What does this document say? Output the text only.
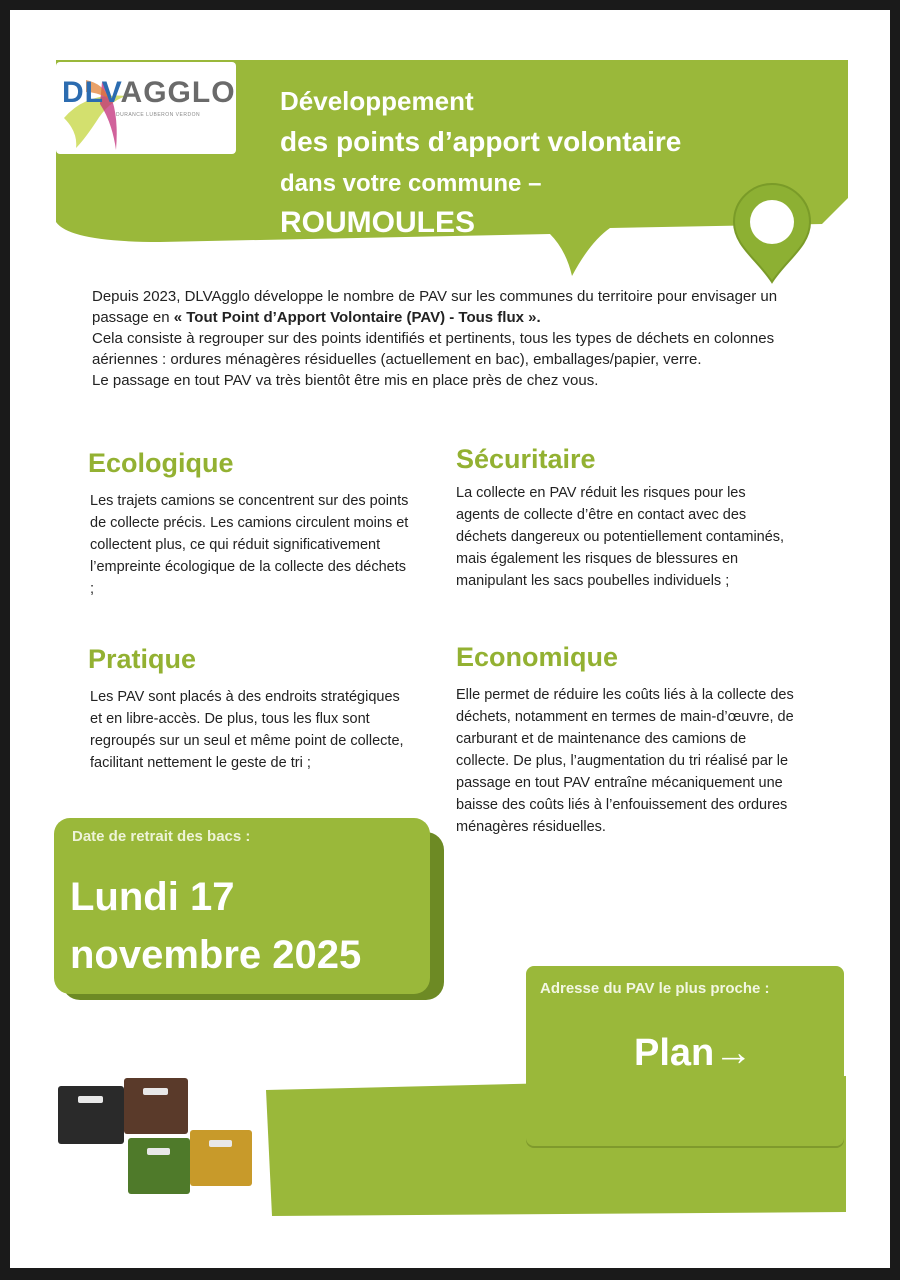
DLVAGGLO
DURANCE LUBERON VERDON	Développement
des points d’apport volontaire
dans votre commune –
ROUMOULES

Depuis 2023, DLVAgglo développe le nombre de PAV sur les communes du territoire pour envisager un passage en « Tout Point d’Apport Volontaire (PAV) - Tous flux ».

Cela consiste à regrouper sur des points identifiés et pertinents, tous les types de déchets en colonnes aériennes : ordures ménagères résiduelles (actuellement en bac), emballages/papier, verre.

Le passage en tout PAV va très bientôt être mis en place près de chez vous.

Ecologique
Les trajets camions se concentrent sur des points de collecte précis. Les camions circulent moins et collectent plus, ce qui réduit significativement l’empreinte écologique de la collecte des déchets ;
Sécuritaire
La collecte en PAV réduit les risques pour les agents de collecte d’être en contact avec des déchets dangereux ou potentiellement contaminés, mais également les risques de blessures en manipulant les sacs poubelles individuels ;
Pratique
Les PAV sont placés à des endroits stratégiques et en libre-accès. De plus, tous les flux sont regroupés sur un seul et même point de collecte, facilitant nettement le geste de tri ;
Economique
Elle permet de réduire les coûts liés à la collecte des déchets, notamment en termes de main-d’œuvre, de carburant et de maintenance des camions de collecte. De plus, l’augmentation du tri réalisé par le passage en tout PAV entraîne mécaniquement une baisse des coûts liés à l’enfouissement des ordures ménagères résiduelles.
Date de retrait des bacs :
Lundi 17
novembre 2025
Adresse du PAV le plus proche :
Plan→
